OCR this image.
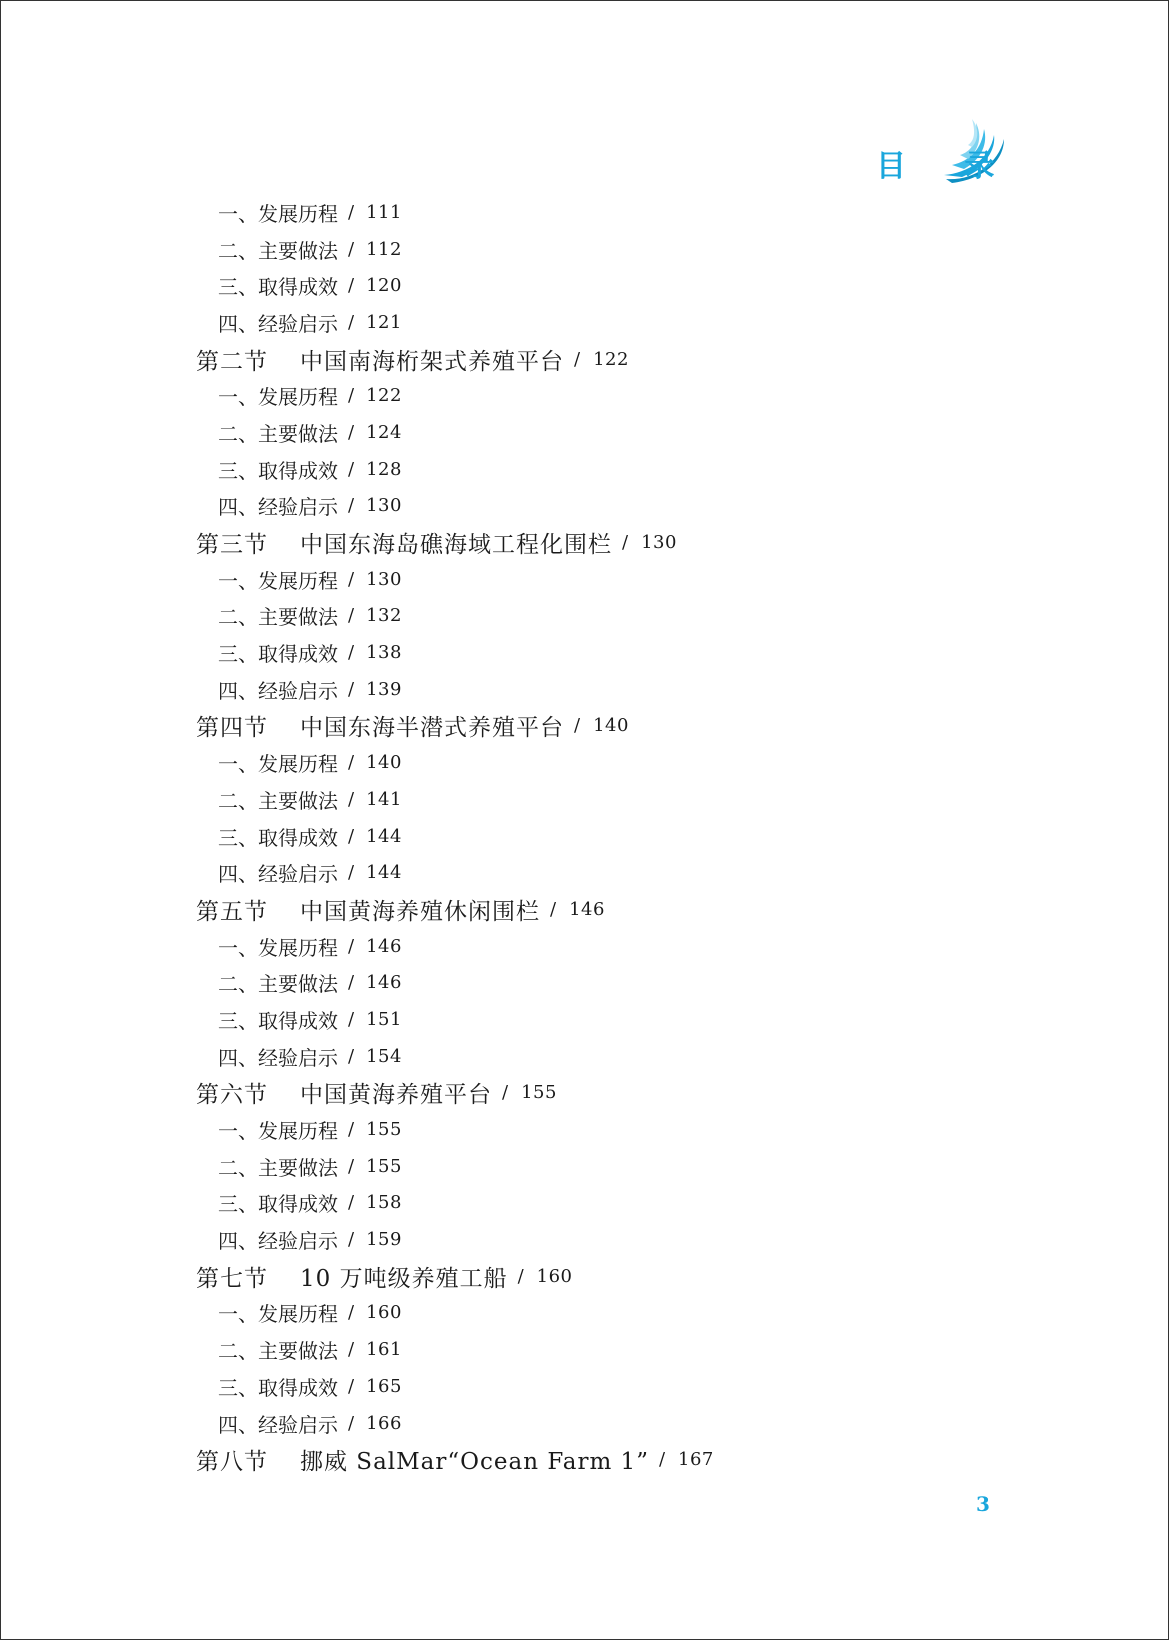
目 录
一、发展历程 / 111
二、主要做法 / 112
三、取得成效 / 120
四、经验启示 / 121
第二节	中国南海桁架式养殖平台 / 122
一、发展历程 / 122
二、主要做法 / 124
三、取得成效 / 128
四、经验启示 / 130
第三节	中国东海岛礁海域工程化围栏 / 130
一、发展历程 / 130
二、主要做法 / 132
三、取得成效 / 138
四、经验启示 / 139
第四节	中国东海半潜式养殖平台 / 140
一、发展历程 / 140
二、主要做法 / 141
三、取得成效 / 144
四、经验启示 / 144
第五节	中国黄海养殖休闲围栏 / 146
一、发展历程 / 146
二、主要做法 / 146
三、取得成效 / 151
四、经验启示 / 154
第六节	中国黄海养殖平台 / 155
一、发展历程 / 155
二、主要做法 / 155
三、取得成效 / 158
四、经验启示 / 159
第七节	10 万吨级养殖工船 / 160
一、发展历程 / 160
二、主要做法 / 161
三、取得成效 / 165
四、经验启示 / 166
第八节	挪威 SalMar“Ocean Farm 1” / 167
3
